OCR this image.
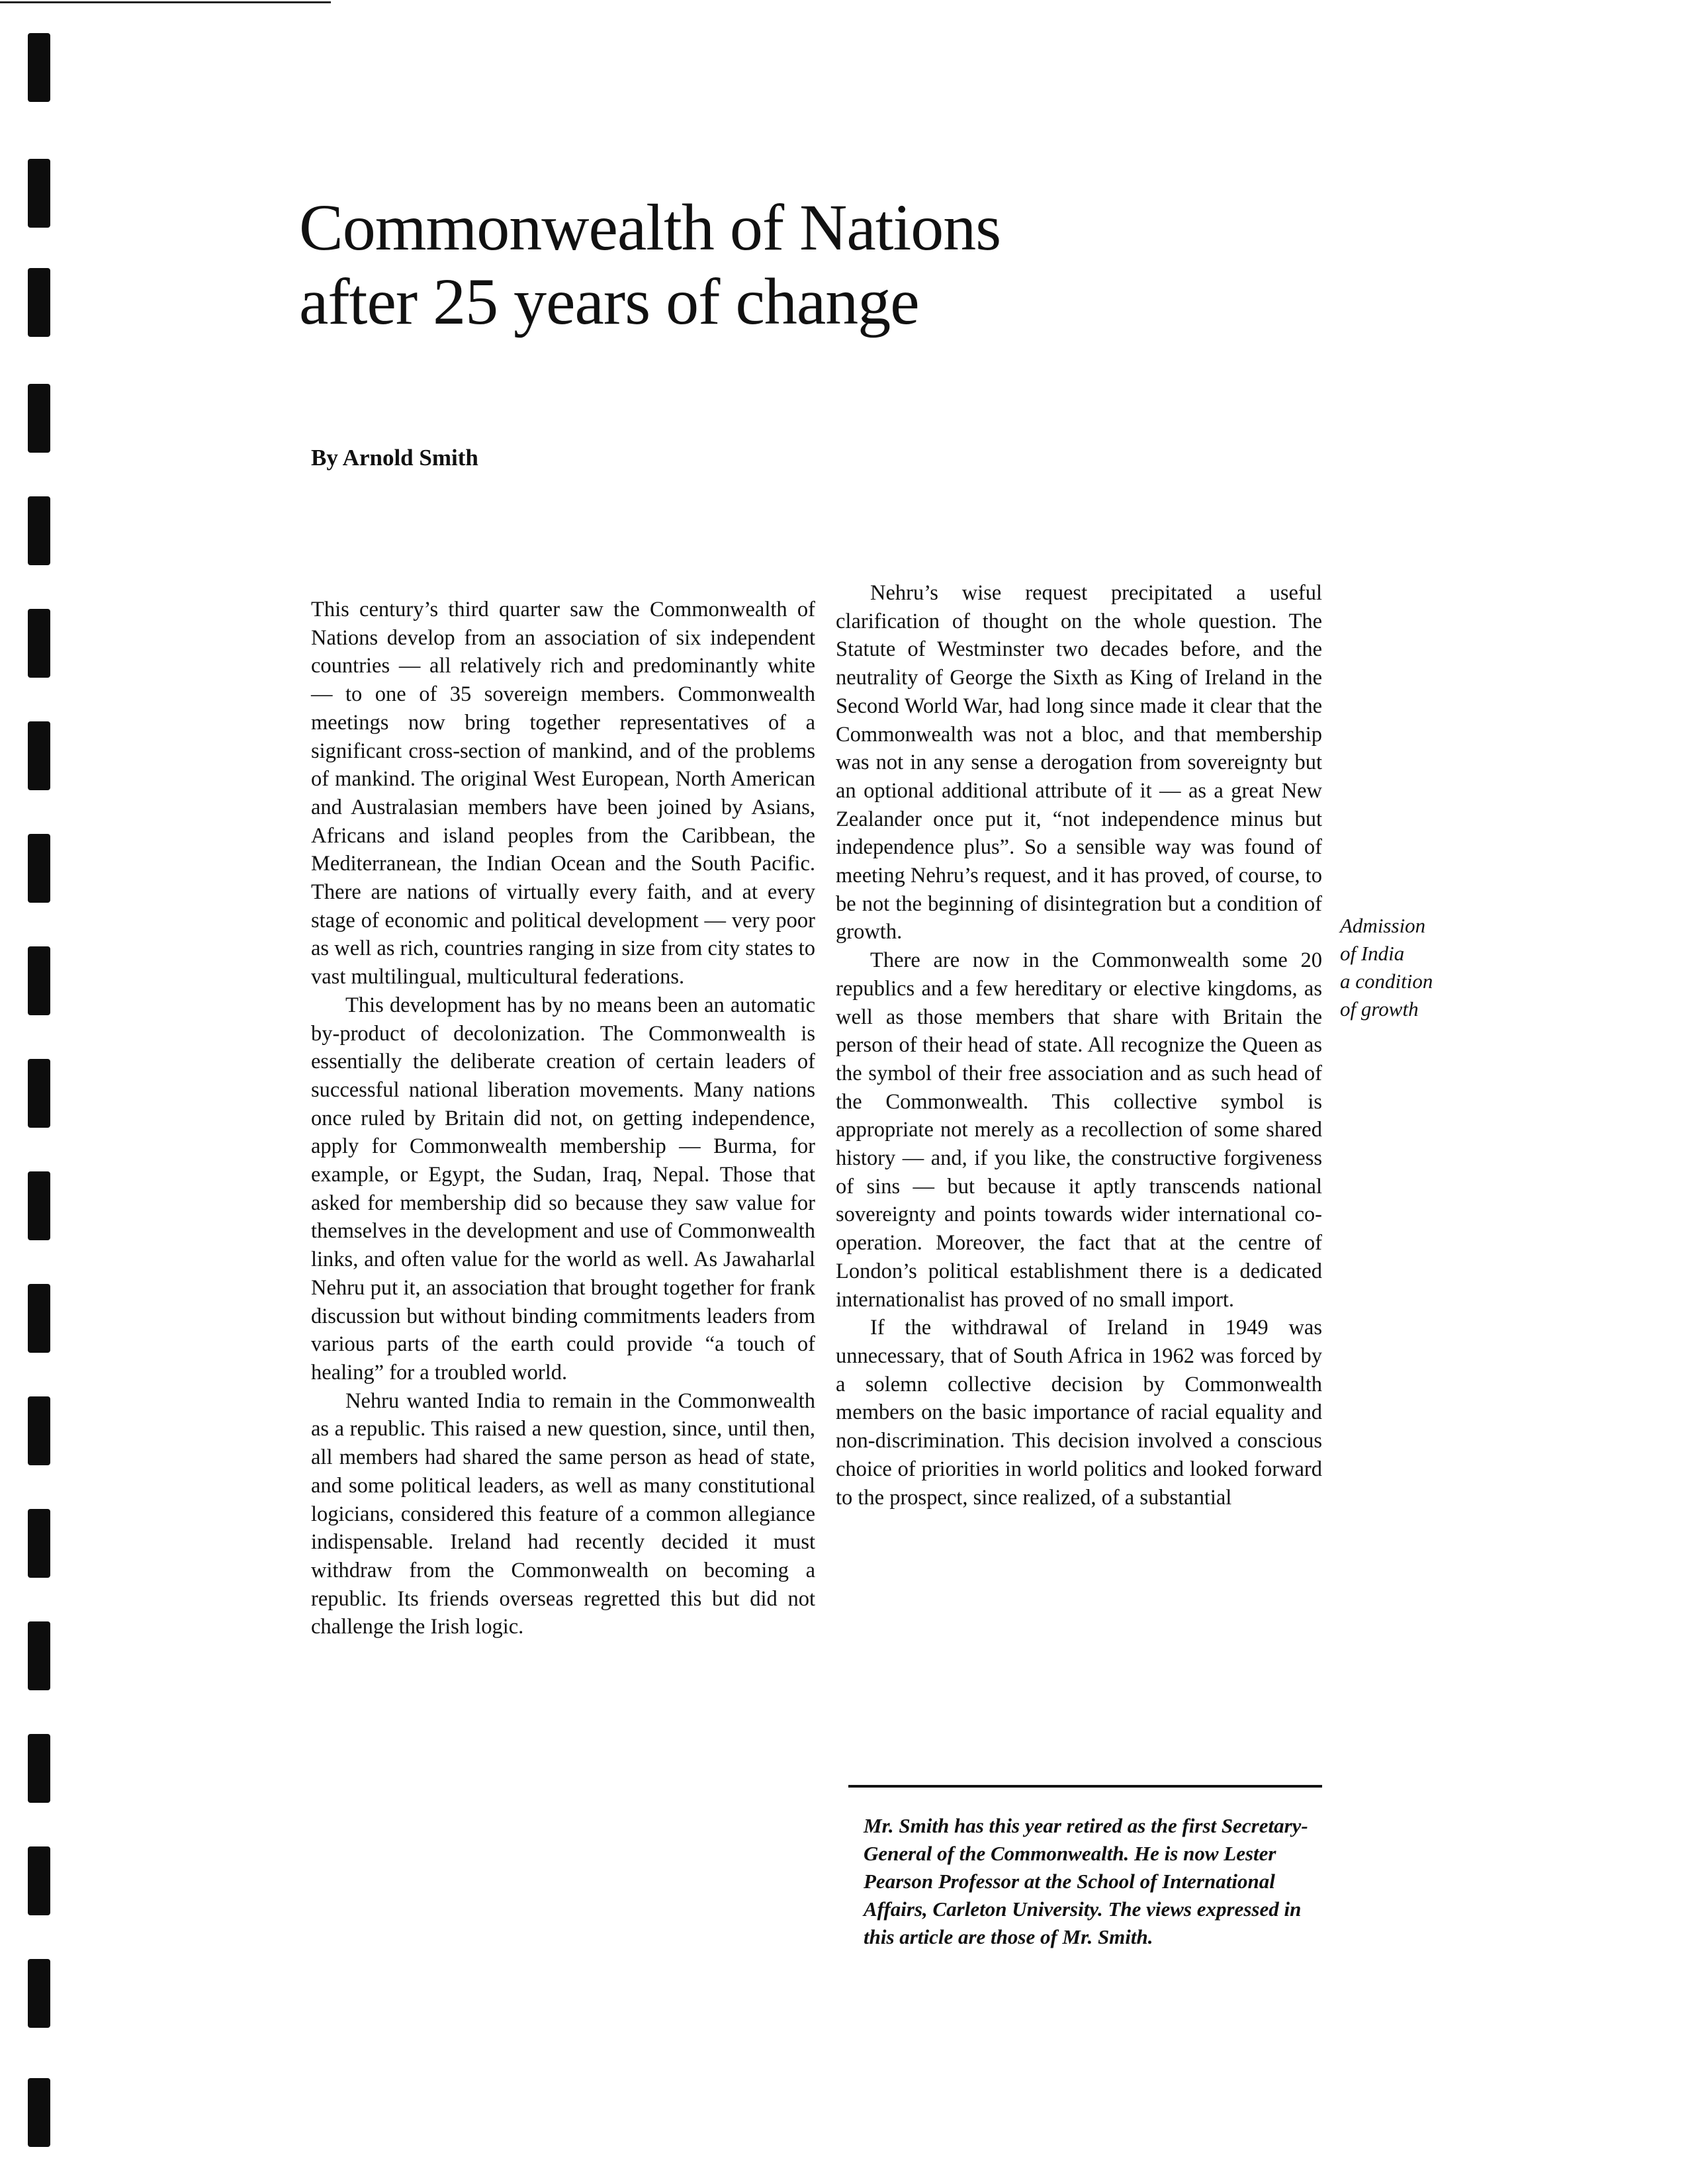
Commonwealth of Nations
after 25 years of change
By Arnold Smith

This century’s third quarter saw the Commonwealth of Nations develop from an association of six independent countries — all relatively rich and predominantly white — to one of 35 sovereign members. Commonwealth meetings now bring together representatives of a significant cross-section of mankind, and of the problems of mankind. The original West European, North American and Australasian members have been joined by Asians, Africans and island peoples from the Caribbean, the Mediterranean, the Indian Ocean and the South Pacific. There are nations of virtually every faith, and at every stage of economic and political development — very poor as well as rich, countries ranging in size from city states to vast multilingual, multicultural federations.

This development has by no means been an automatic by-product of decolonization. The Commonwealth is essentially the deliberate creation of certain leaders of successful national liberation movements. Many nations once ruled by Britain did not, on getting independence, apply for Commonwealth membership — Burma, for example, or Egypt, the Sudan, Iraq, Nepal. Those that asked for membership did so because they saw value for themselves in the development and use of Commonwealth links, and often value for the world as well. As Jawaharlal Nehru put it, an association that brought together for frank discussion but without binding commitments leaders from various parts of the earth could provide “a touch of healing” for a troubled world.

Nehru wanted India to remain in the Commonwealth as a republic. This raised a new question, since, until then, all members had shared the same person as head of state, and some political leaders, as well as many constitutional logicians, considered this feature of a common allegiance indispensable. Ireland had recently decided it must withdraw from the Commonwealth on becoming a republic. Its friends overseas regretted this but did not challenge the Irish logic.

Nehru’s wise request precipitated a useful clarification of thought on the whole question. The Statute of Westminster two decades before, and the neutrality of George the Sixth as King of Ireland in the Second World War, had long since made it clear that the Commonwealth was not a bloc, and that membership was not in any sense a derogation from sovereignty but an optional additional attribute of it — as a great New Zealander once put it, “not independence minus but independence plus”. So a sensible way was found of meeting Nehru’s request, and it has proved, of course, to be not the beginning of disintegration but a condition of growth.

There are now in the Commonwealth some 20 republics and a few hereditary or elective kingdoms, as well as those members that share with Britain the person of their head of state. All recognize the Queen as the symbol of their free association and as such head of the Commonwealth. This collective symbol is appropriate not merely as a recollection of some shared history — and, if you like, the constructive forgiveness of sins — but because it aptly transcends national sovereignty and points towards wider international co-operation. Moreover, the fact that at the centre of London’s political establishment there is a dedicated internationalist has proved of no small import.

If the withdrawal of Ireland in 1949 was unnecessary, that of South Africa in 1962 was forced by a solemn collective decision by Commonwealth members on the basic importance of racial equality and non-discrimination. This decision involved a conscious choice of priorities in world politics and looked forward to the prospect, since realized, of a substantial

Admission
of India
a condition
of growth
Mr. Smith has this year retired as the first Secretary-General of the Commonwealth. He is now Lester Pearson Professor at the School of International Affairs, Carleton University. The views expressed in this article are those of Mr. Smith.
